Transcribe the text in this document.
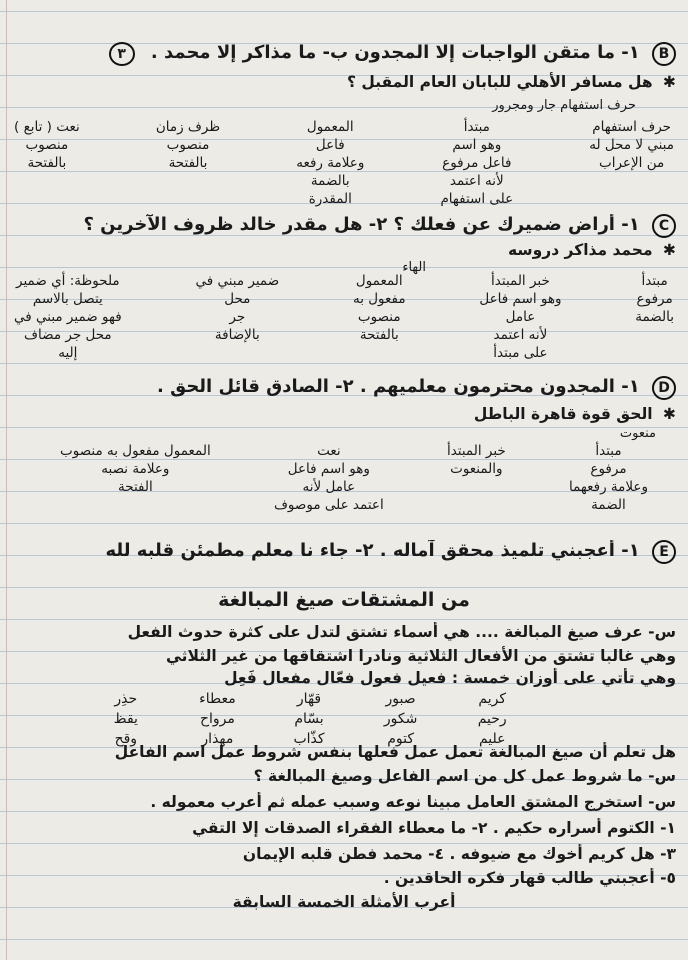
B ١- ما متقن الواجبات إلا المجدون ب- ما مذاكر إلا محمد . ٣
✱ هل مسافر الأهلي للبابان العام المقبل ؟
حرف استفهام جار ومجرور
حرف استفهام
مبني لا محل له
من الإعراب
مبتدأ
وهو اسم
فاعل مرفوع
لأنه اعتمد
على استفهام
المعمول
فاعل
وعلامة رفعه
بالضمة
المقدرة
ظرف زمان
منصوب
بالفتحة
نعت ( تابع )
منصوب
بالفتحة
C ١- أراض ضميرك عن فعلك ؟ ٢- هل مقدر خالد ظروف الآخرين ؟
✱ محمد مذاكر دروسه
الهاء
مبتدأ
مرفوع
بالضمة
خبر المبتدأ
وهو اسم فاعل
عامل
لأنه اعتمد
على مبتدأ
المعمول
مفعول به
منصوب
بالفتحة
ضمير مبني في
محل
جر
بالإضافة
ملحوظة: أي ضمير
يتصل بالاسم
فهو ضمير مبني في
محل جر مضاف
إليه
D ١- المجدون محترمون معلميهم . ٢- الصادق قائل الحق .
✱ الحق قوة قاهرة الباطل
منعوت
مبتدأ
مرفوع
وعلامة رفعهما
الضمة
خبر المبتدأ
والمنعوت
نعت
وهو اسم فاعل
عامل لأنه
اعتمد على موصوف
المعمول مفعول به منصوب
وعلامة نصبه
الفتحة
E ١- أعجبني تلميذ محقق آماله . ٢- جاء نا معلم مطمئن قلبه لله
من المشتقات صيغ المبالغة
س- عرف صيغ المبالغة .... هي أسماء تشتق لتدل على كثرة حدوث الفعل
وهي غالبا تشتق من الأفعال الثلاثية ونادرا اشتقاقها من غير الثلاثي
وهي تأتي على أوزان خمسة : فعيل فعول فعّال مفعال فَعِل
كريم
صبور
قهّار
معطاء
حذِر
رحيم
شكور
بسّام
مرواح
يقظ
عليم
كتوم
كذّاب
مهذار
وقح
هل تعلم أن صيغ المبالغة تعمل عمل فعلها بنفس شروط عمل اسم الفاعل
س- ما شروط عمل كل من اسم الفاعل وصيغ المبالغة ؟
س- استخرج المشتق العامل مبينا نوعه وسبب عمله ثم أعرب معموله .
١- الكتوم أسراره حكيم . ٢- ما معطاء الفقراء الصدقات إلا التقي
٣- هل كريم أخوك مع ضيوفه . ٤- محمد فطن قلبه الإيمان
٥- أعجبني طالب قهار فكره الحاقدين .
أعرب الأمثلة الخمسة السابقة
